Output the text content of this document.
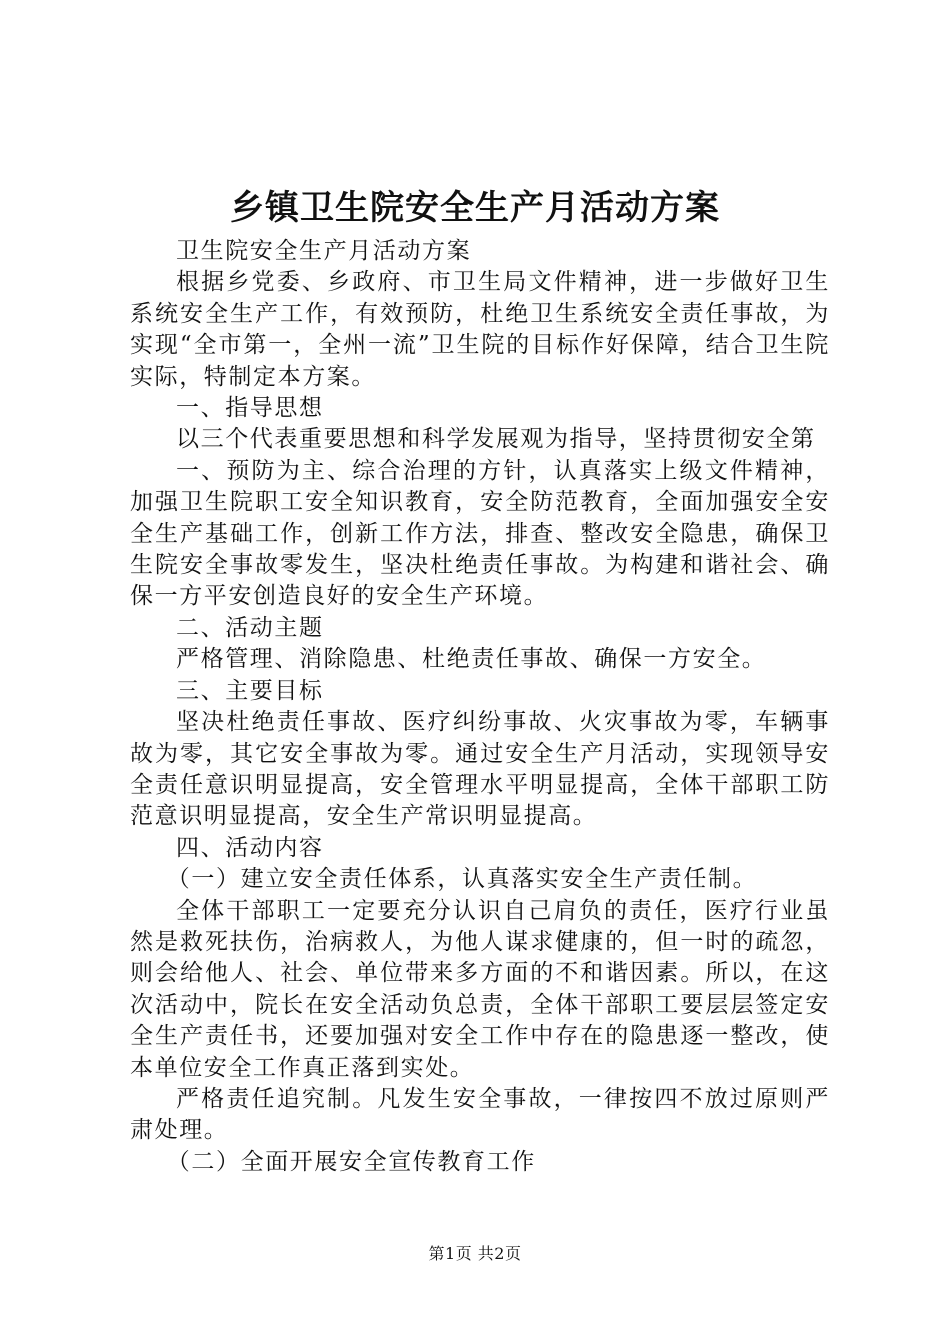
乡镇卫生院安全生产月活动方案

卫生院安全生产月活动方案

根据乡党委、乡政府、市卫生局文件精神，进一步做好卫生系统安全生产工作，有效预防，杜绝卫生系统安全责任事故，为实现“全市第一，全州一流”卫生院的目标作好保障，结合卫生院实际，特制定本方案。

一、指导思想

以三个代表重要思想和科学发展观为指导，坚持贯彻安全第

一、预防为主、综合治理的方针，认真落实上级文件精神，加强卫生院职工安全知识教育，安全防范教育，全面加强安全安全生产基础工作，创新工作方法，排查、整改安全隐患，确保卫生院安全事故零发生，坚决杜绝责任事故。为构建和谐社会、确保一方平安创造良好的安全生产环境。

二、活动主题

严格管理、消除隐患、杜绝责任事故、确保一方安全。

三、主要目标

坚决杜绝责任事故、医疗纠纷事故、火灾事故为零，车辆事故为零，其它安全事故为零。通过安全生产月活动，实现领导安全责任意识明显提高，安全管理水平明显提高，全体干部职工防范意识明显提高，安全生产常识明显提高。

四、活动内容

（一）建立安全责任体系，认真落实安全生产责任制。

全体干部职工一定要充分认识自己肩负的责任，医疗行业虽然是救死扶伤，治病救人，为他人谋求健康的，但一时的疏忽，则会给他人、社会、单位带来多方面的不和谐因素。所以，在这次活动中，院长在安全活动负总责，全体干部职工要层层签定安全生产责任书，还要加强对安全工作中存在的隐患逐一整改，使本单位安全工作真正落到实处。

严格责任追究制。凡发生安全事故，一律按四不放过原则严肃处理。

（二）全面开展安全宣传教育工作

第1页 共2页
